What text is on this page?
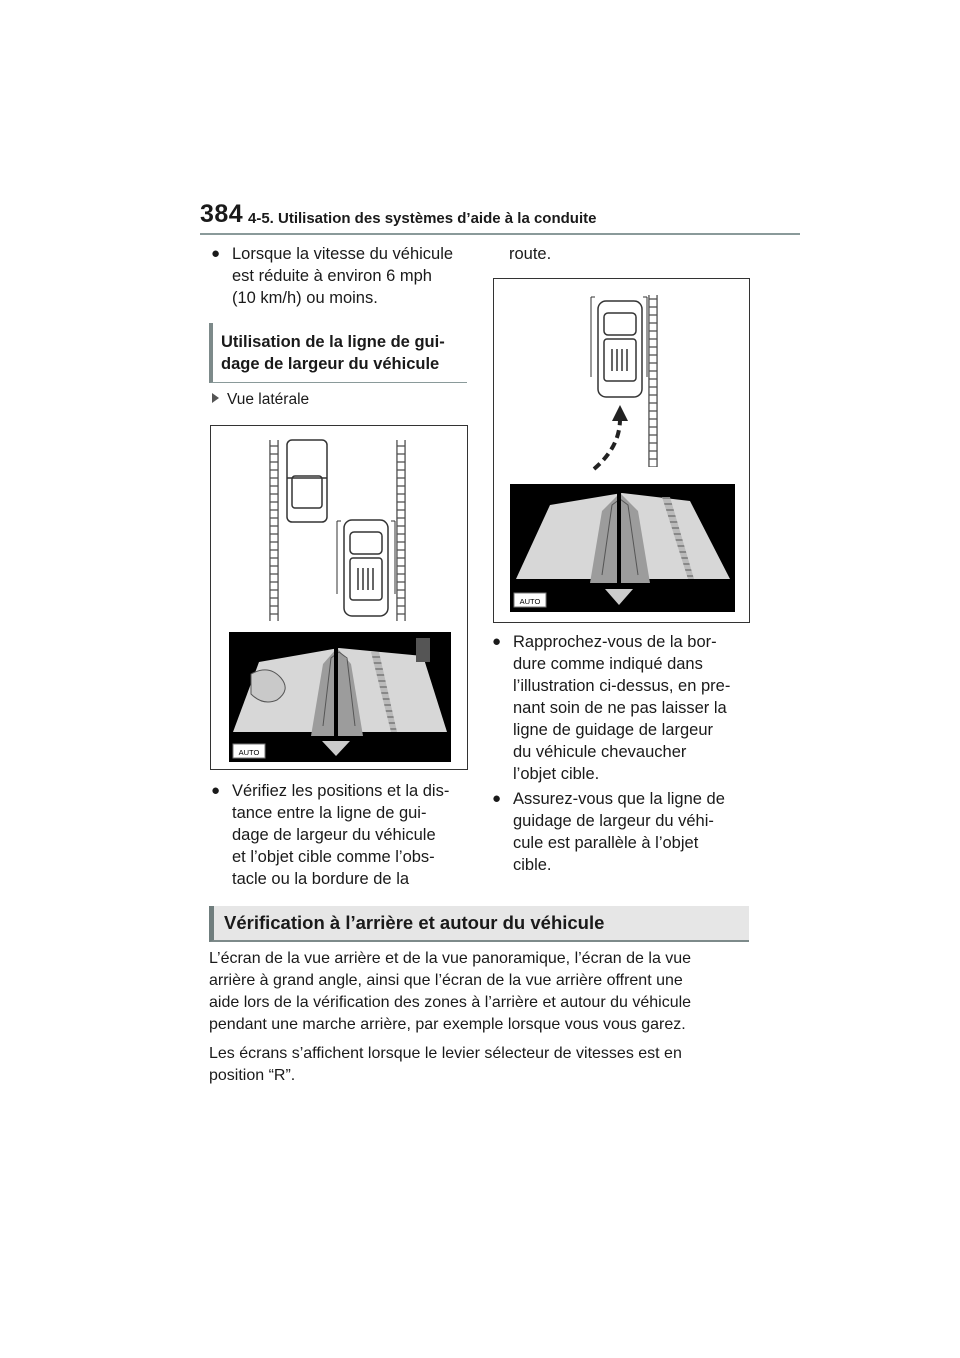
384 4-5. Utilisation des systèmes d’aide à la conduite
●
Lorsque la vitesse du véhicule
est réduite à environ 6 mph
(10 km/h) ou moins.
Utilisation de la ligne de gui-
dage de largeur du véhicule
Vue latérale
AUTO
●
Vérifiez les positions et la dis-
tance entre la ligne de gui-
dage de largeur du véhicule
et l’objet cible comme l’obs-
tacle ou la bordure de la
route.
AUTO
●
Rapprochez-vous de la bor-
dure comme indiqué dans
l’illustration ci-dessus, en pre-
nant soin de ne pas laisser la
ligne de guidage de largeur
du véhicule chevaucher
l’objet cible.
●
Assurez-vous que la ligne de
guidage de largeur du véhi-
cule est parallèle à l’objet
cible.
Vérification à l’arrière et autour du véhicule
L’écran de la vue arrière et de la vue panoramique, l’écran de la vue
arrière à grand angle, ainsi que l’écran de la vue arrière offrent une
aide lors de la vérification des zones à l’arrière et autour du véhicule
pendant une marche arrière, par exemple lorsque vous vous garez.
Les écrans s’affichent lorsque le levier sélecteur de vitesses est en
position “R”.
